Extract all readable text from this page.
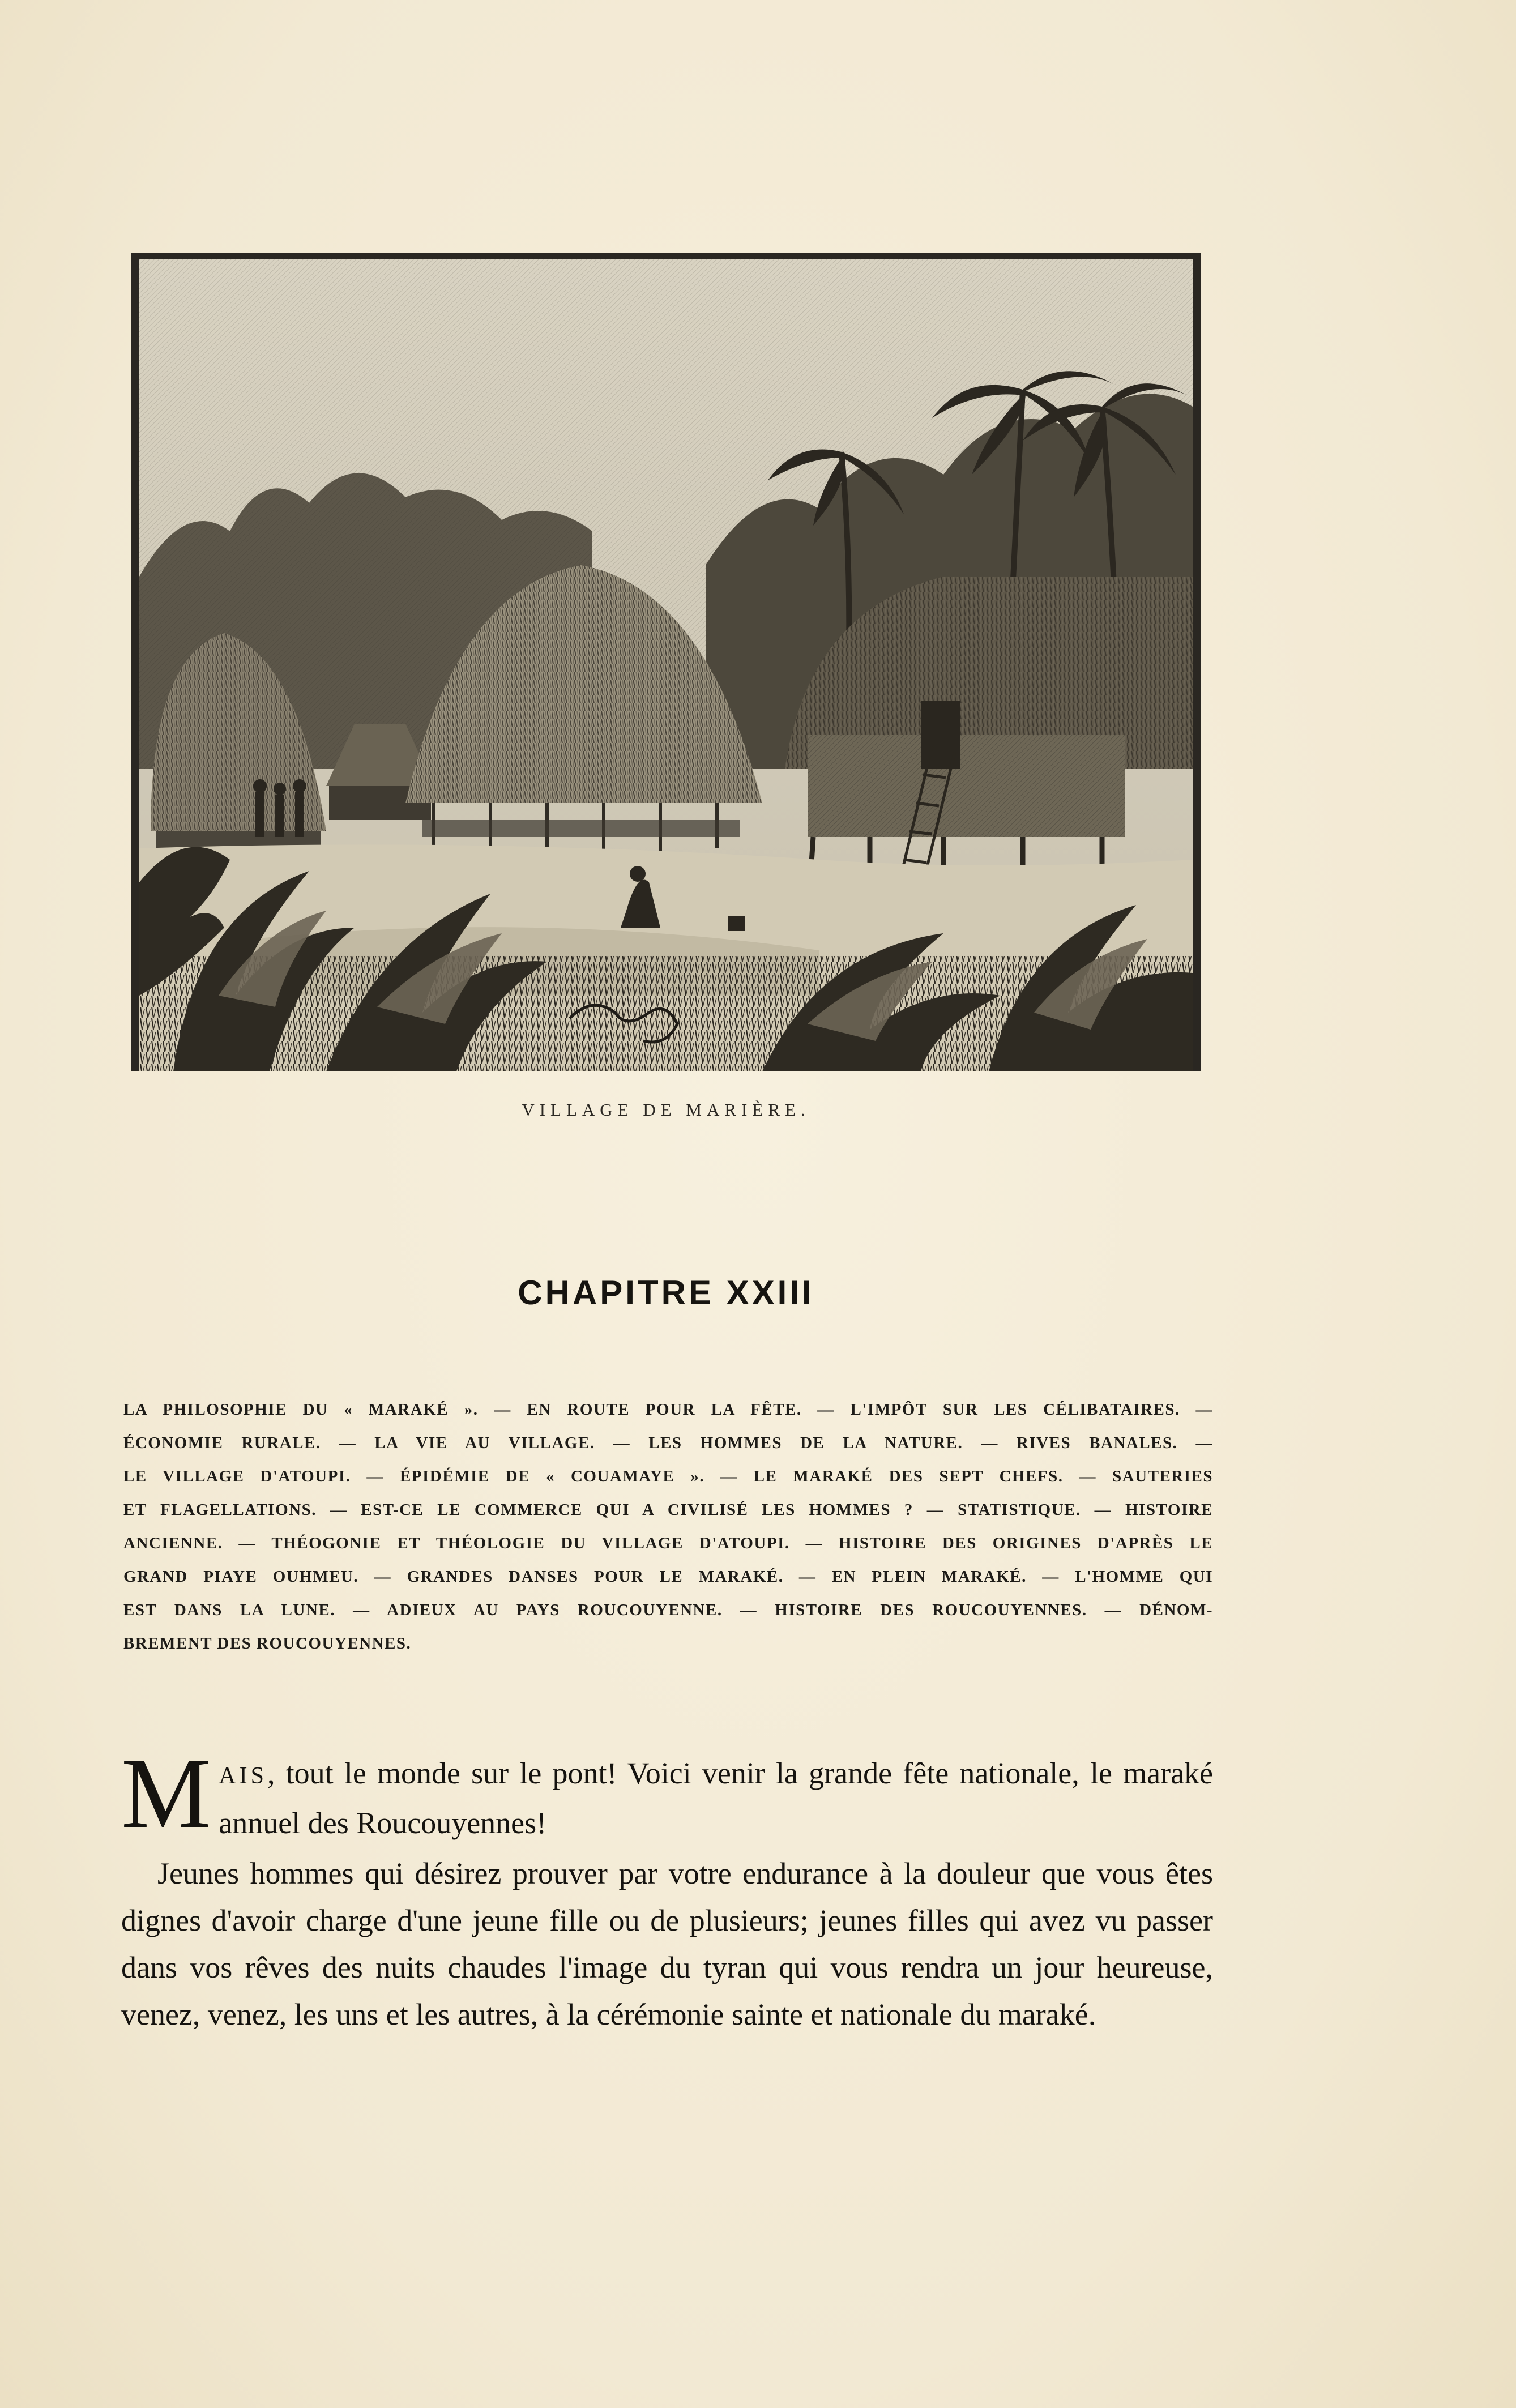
VILLAGE DE MARIÈRE.
CHAPITRE XXIII
LA PHILOSOPHIE DU « MARAKÉ ». — EN ROUTE POUR LA FÊTE. — L'IMPÔT SUR LES CÉLIBATAIRES. —
ÉCONOMIE RURALE. — LA VIE AU VILLAGE. — LES HOMMES DE LA NATURE. — RIVES BANALES. —
LE VILLAGE D'ATOUPI. — ÉPIDÉMIE DE « COUAMAYE ». — LE MARAKÉ DES SEPT CHEFS. — SAUTERIES
ET FLAGELLATIONS. — EST-CE LE COMMERCE QUI A CIVILISÉ LES HOMMES ? — STATISTIQUE. — HISTOIRE
ANCIENNE. — THÉOGONIE ET THÉOLOGIE DU VILLAGE D'ATOUPI. — HISTOIRE DES ORIGINES D'APRÈS LE
GRAND PIAYE OUHMEU. — GRANDES DANSES POUR LE MARAKÉ. — EN PLEIN MARAKÉ. — L'HOMME QUI
EST DANS LA LUNE. — ADIEUX AU PAYS ROUCOUYENNE. — HISTOIRE DES ROUCOUYENNES. — DÉNOM-
BREMENT DES ROUCOUYENNES.

MAIS, tout le monde sur le pont! Voici venir la grande fête nationale, le maraké annuel des Roucouyennes!

Jeunes hommes qui désirez prouver par votre endurance à la douleur que vous êtes dignes d'avoir charge d'une jeune fille ou de plusieurs; jeunes filles qui avez vu passer dans vos rêves des nuits chaudes l'image du tyran qui vous rendra un jour heureuse, venez, venez, les uns et les autres, à la cérémonie sainte et nationale du maraké.
